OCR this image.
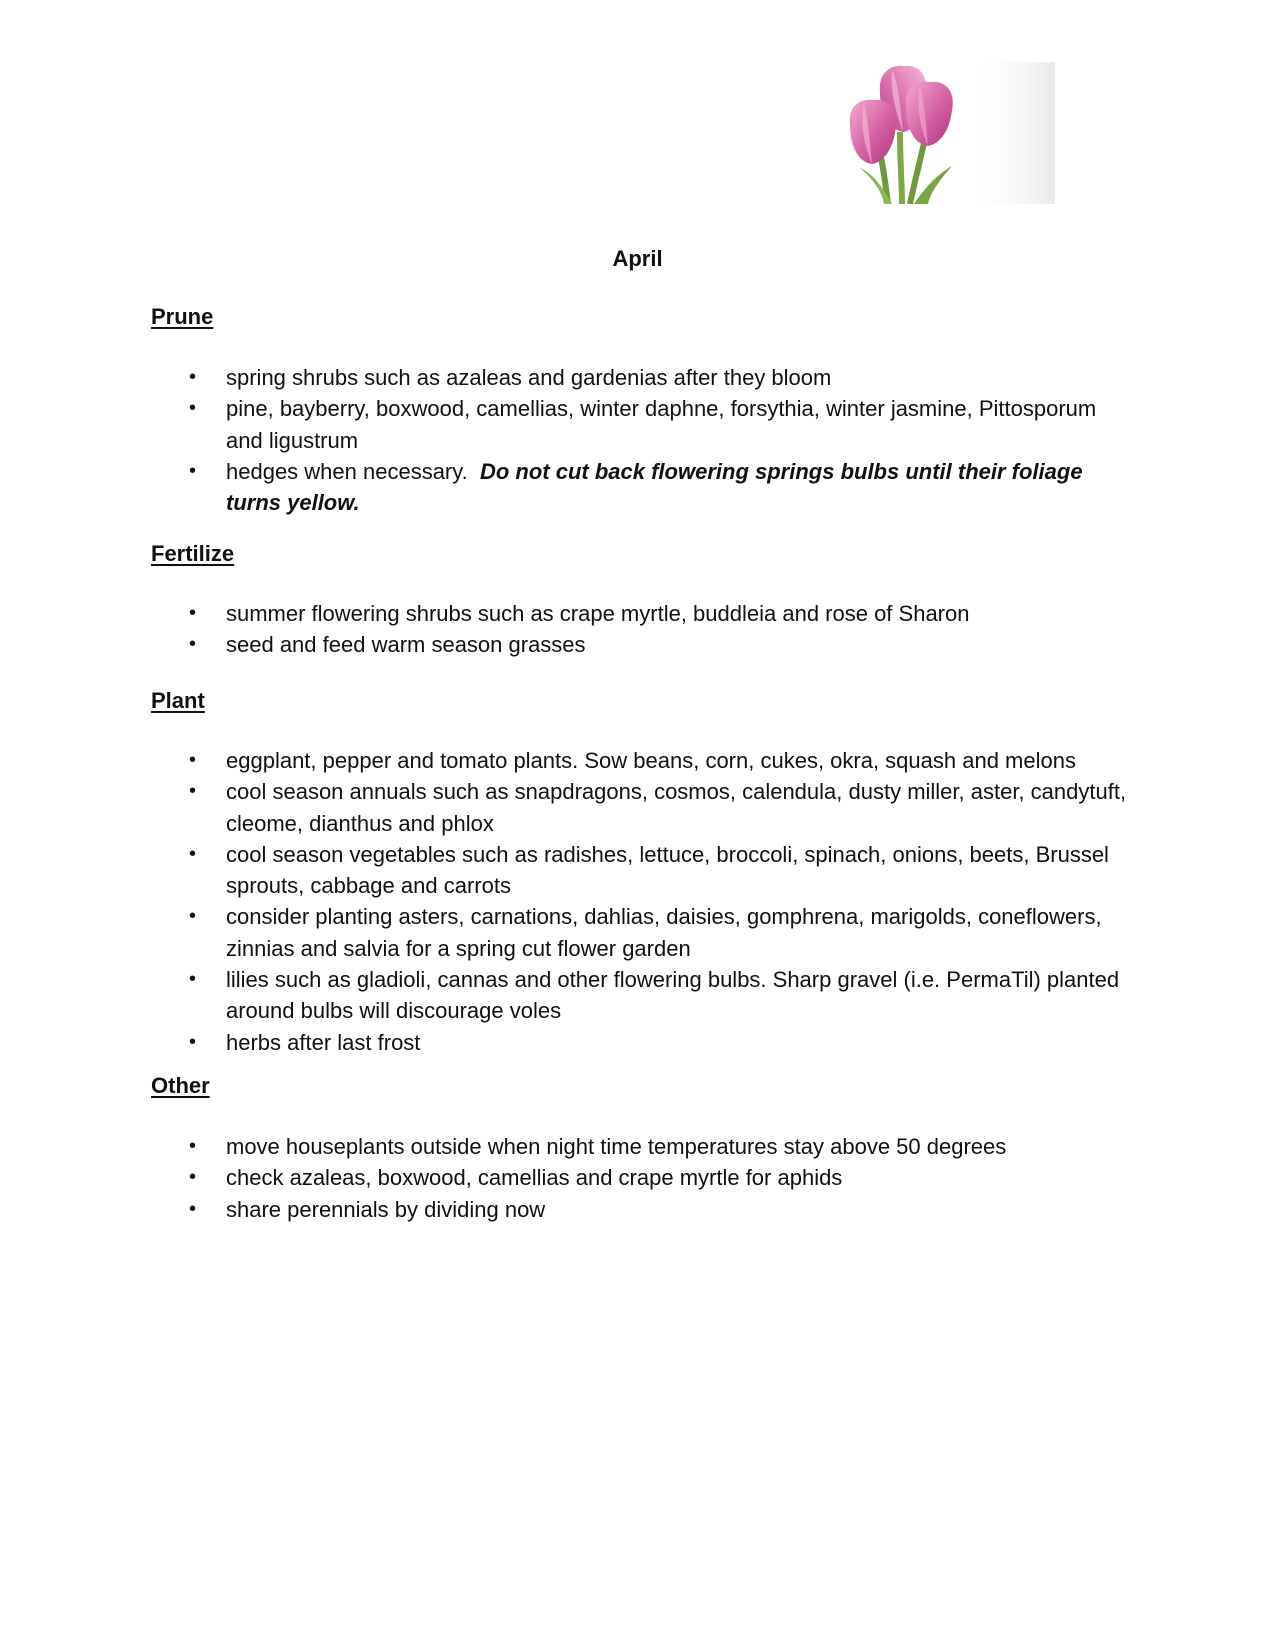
April
Prune
• spring shrubs such as azaleas and gardenias after they bloom
• pine, bayberry, boxwood, camellias, winter daphne, forsythia, winter jasmine, Pittosporum and ligustrum
• hedges when necessary. Do not cut back flowering springs bulbs until their foliage turns yellow.
Fertilize
• summer flowering shrubs such as crape myrtle, buddleia and rose of Sharon
• seed and feed warm season grasses
Plant
• eggplant, pepper and tomato plants. Sow beans, corn, cukes, okra, squash and melons
• cool season annuals such as snapdragons, cosmos, calendula, dusty miller, aster, candytuft, cleome, dianthus and phlox
• cool season vegetables such as radishes, lettuce, broccoli, spinach, onions, beets, Brussel sprouts, cabbage and carrots
• consider planting asters, carnations, dahlias, daisies, gomphrena, marigolds, coneflowers, zinnias and salvia for a spring cut flower garden
• lilies such as gladioli, cannas and other flowering bulbs. Sharp gravel (i.e. PermaTil) planted around bulbs will discourage voles
• herbs after last frost
Other
• move houseplants outside when night time temperatures stay above 50 degrees
• check azaleas, boxwood, camellias and crape myrtle for aphids
• share perennials by dividing now
